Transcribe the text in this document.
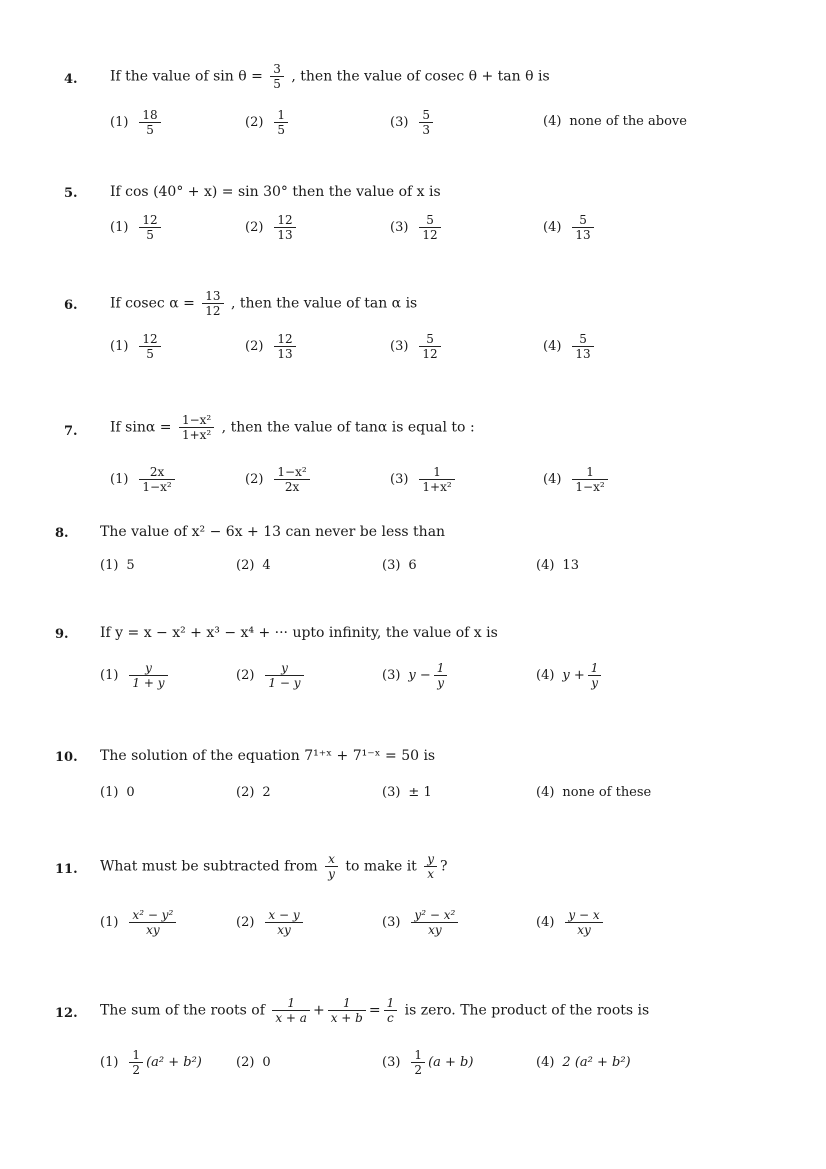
4. If the value of $\sin \theta = \frac{3}{5}$ , then the value of cosec θ + tan θ is
$(1) \frac{18}{5}$	$(2) \frac{1}{5}$	$(3) \frac{5}{3}$	(4) none of the above
5. If cos (40° + x) = sin 30° then the value of x is
$(1) \frac{12}{5}$	$(2) \frac{12}{13}$	$(3) \frac{5}{12}$	$(4) \frac{5}{13}$
6. If cosec $\alpha = \frac{13}{12}$ , then the value of tan α is
$(1) \frac{12}{5}$	$(2) \frac{12}{13}$	$(3) \frac{5}{12}$	$(4) \frac{5}{13}$
7. If $\sin\alpha = \frac{\text{1−x²}}{\text{1+x²}}$ , then the value of tanα is equal to :
$(1) \frac{2x}{\text{1−x²}}$	$(2) \frac{\text{1−x²}}{2x}$	$(3) \frac{1}{\text{1+x²}}$	$(4) \frac{1}{\text{1−x²}}$
8. The value of x² − 6x + 13 can never be less than
(1) 5	(2) 4	(3) 6	(4) 13
9. If y = x − x² + x³ − x⁴ + ··· upto infinity, the value of x is
$(1) \frac{y}{1 + y}$	$(2) \frac{y}{1 - y}$	(3) $y - \frac{1}{y}$	(4) $y + \frac{1}{y}$
10. The solution of the equation 7¹⁺ˣ + 7¹⁻ˣ = 50 is
(1) 0	(2) 2	(3) ± 1	(4) none of these
11. What must be subtracted from $\frac{x}{y}$ to make it $\frac{y}{x}$ ?
$(1) \frac{\text{x² − y²}}{xy}$	$(2) \frac{x - y}{xy}$	$(3) \frac{\text{y² − x²}}{xy}$	$(4) \frac{y - x}{xy}$
12. The sum of the roots of $\frac{1}{x + a} + \frac{1}{x + b} = \frac{1}{c}$ is zero. The product of the roots is
$(1) \frac{1}{2} (a^2 + b^2)$	(2) 0	$(3) \frac{1}{2} (a + b)$	(4) 2 (a² + b²)
